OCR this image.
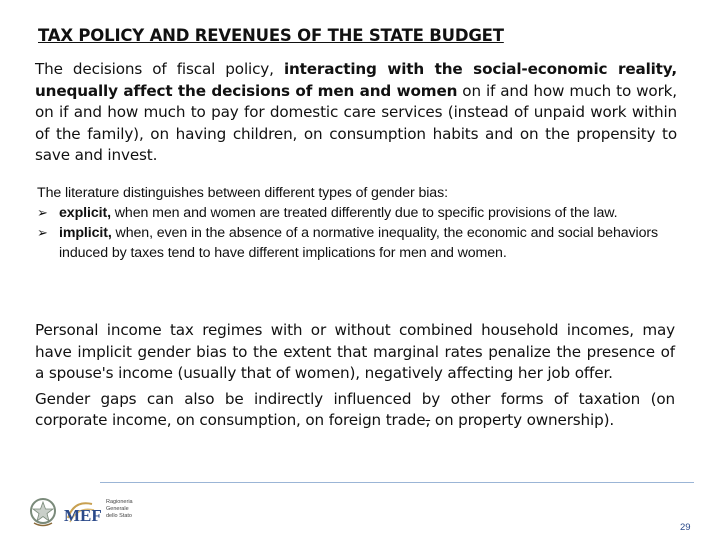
TAX POLICY AND REVENUES OF THE STATE BUDGET
The decisions of fiscal policy, interacting with the social-economic reality, unequally affect the decisions of men and women on if and how much to work, on if and how much to pay for domestic care services (instead of unpaid work within of the family), on having children, on consumption habits and on the propensity to save and invest.
The literature distinguishes between different types of gender bias:
➢ explicit, when men and women are treated differently due to specific provisions of the law.
➢ implicit, when, even in the absence of a normative inequality, the economic and social behaviors induced by taxes tend to have different implications for men and women.
Personal income tax regimes with or without combined household incomes, may have implicit gender bias to the extent that marginal rates penalize the presence of a spouse's income (usually that of women), negatively affecting her job offer.
Gender gaps can also be indirectly influenced by other forms of taxation (on corporate income, on consumption, on foreign trade, on property ownership).
MEF
Ragioneria
Generale
dello Stato
29
